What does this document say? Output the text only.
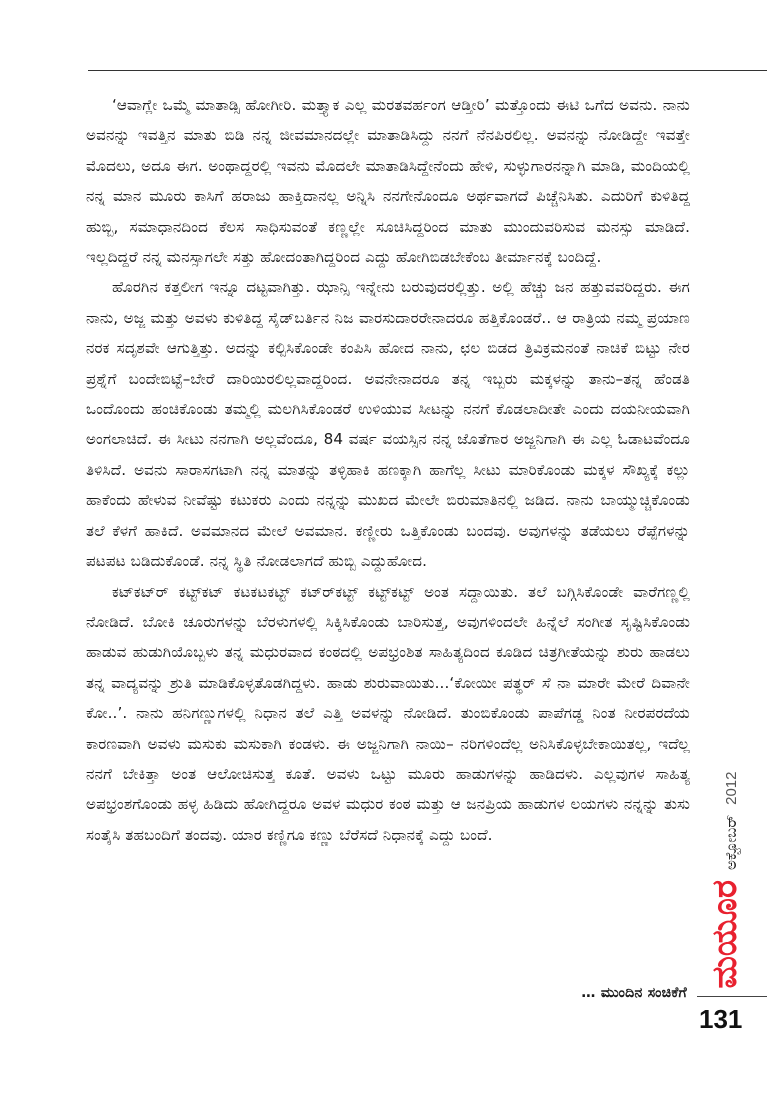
‘ಆವಾಗ್ಲೇ ಒಮ್ಮೆ ಮಾತಾಡ್ಸಿ ಹೋಗೀರಿ. ಮತ್ತ್ಯಾಕ ಎಲ್ಲ ಮರತವರ್ಹಂಗ ಆಡ್ತೀರಿ’ ಮತ್ತೊಂದು ಈಟಿ ಒಗೆದ ಅವನು. ನಾನು ಅವನನ್ನು ಇವತ್ತಿನ ಮಾತು ಬಿಡಿ ನನ್ನ ಜೀವಮಾನದಲ್ಲೇ ಮಾತಾಡಿಸಿದ್ದು ನನಗೆ ನೆನಪಿರಲಿಲ್ಲ. ಅವನನ್ನು ನೋಡಿದ್ದೇ ಇವತ್ತೇ ಮೊದಲು, ಅದೂ ಈಗ. ಅಂಥಾದ್ದರಲ್ಲಿ ಇವನು ಮೊದಲೇ ಮಾತಾಡಿಸಿದ್ದೇನೆಂದು ಹೇಳಿ, ಸುಳ್ಳುಗಾರನನ್ನಾಗಿ ಮಾಡಿ, ಮಂದಿಯಲ್ಲಿ ನನ್ನ ಮಾನ ಮೂರು ಕಾಸಿಗೆ ಹರಾಜು ಹಾಕ್ತಿದಾನಲ್ಲ ಅನ್ನಿಸಿ ನನಗೇನೊಂದೂ ಅರ್ಥವಾಗದೆ ಪಿಚ್ಚೆನಿಸಿತು. ಎದುರಿಗೆ ಕುಳಿತಿದ್ದ ಹುಬ್ಬಿ, ಸಮಾಧಾನದಿಂದ ಕೆಲಸ ಸಾಧಿಸುವಂತೆ ಕಣ್ಣಲ್ಲೇ ಸೂಚಿಸಿದ್ದರಿಂದ ಮಾತು ಮುಂದುವರಿಸುವ ಮನಸ್ಸು ಮಾಡಿದೆ. ಇಲ್ಲದಿದ್ದರೆ ನನ್ನ ಮನಸ್ಸಾಗಲೇ ಸತ್ತು ಹೋದಂತಾಗಿದ್ದರಿಂದ ಎದ್ದು ಹೋಗಿಬಿಡಬೇಕೆಂಬ ತೀರ್ಮಾನಕ್ಕೆ ಬಂದಿದ್ದೆ.

ಹೊರಗಿನ ಕತ್ತಲೀಗ ಇನ್ನೂ ದಟ್ಟವಾಗಿತ್ತು. ಝಾನ್ಸಿ ಇನ್ನೇನು ಬರುವುದರಲ್ಲಿತ್ತು. ಅಲ್ಲಿ ಹೆಚ್ಚು ಜನ ಹತ್ತುವವರಿದ್ದರು. ಈಗ ನಾನು, ಅಜ್ಜ ಮತ್ತು ಅವಳು ಕುಳಿತಿದ್ದ ಸೈಡ್‌ಬರ್ತಿನ ನಿಜ ವಾರಸುದಾರರೇನಾದರೂ ಹತ್ತಿಕೊಂಡರೆ.. ಆ ರಾತ್ರಿಯ ನಮ್ಮ ಪ್ರಯಾಣ ನರಕ ಸದೃಶವೇ ಆಗುತ್ತಿತ್ತು. ಅದನ್ನು ಕಲ್ಪಿಸಿಕೊಂಡೇ ಕಂಪಿಸಿ ಹೋದ ನಾನು, ಛಲ ಬಿಡದ ತ್ರಿವಿಕ್ರಮನಂತೆ ನಾಚಿಕೆ ಬಿಟ್ಟು ನೇರ ಪ್ರಶ್ನೆಗೆ ಬಂದೇಬಿಟ್ಟೆ–ಬೇರೆ ದಾರಿಯಿರಲಿಲ್ಲವಾದ್ದರಿಂದ. ಅವನೇನಾದರೂ ತನ್ನ ಇಬ್ಬರು ಮಕ್ಕಳನ್ನು ತಾನು–ತನ್ನ ಹೆಂಡತಿ ಒಂದೊಂದು ಹಂಚಿಕೊಂಡು ತಮ್ಮಲ್ಲಿ ಮಲಗಿಸಿಕೊಂಡರೆ ಉಳಿಯುವ ಸೀಟನ್ನು ನನಗೆ ಕೊಡಲಾದೀತೇ ಎಂದು ದಯನೀಯವಾಗಿ ಅಂಗಲಾಚಿದೆ. ಈ ಸೀಟು ನನಗಾಗಿ ಅಲ್ಲವೆಂದೂ, 84 ವರ್ಷ ವಯಸ್ಸಿನ ನನ್ನ ಜೊತೆಗಾರ ಅಜ್ಜನಿಗಾಗಿ ಈ ಎಲ್ಲ ಓಡಾಟವೆಂದೂ ತಿಳಿಸಿದೆ. ಅವನು ಸಾರಾಸಗಟಾಗಿ ನನ್ನ ಮಾತನ್ನು ತಳ್ಳಿಹಾಕಿ ಹಣಕ್ಕಾಗಿ ಹಾಗೆಲ್ಲ ಸೀಟು ಮಾರಿಕೊಂಡು ಮಕ್ಕಳ ಸೌಖ್ಯಕ್ಕೆ ಕಲ್ಲು ಹಾಕೆಂದು ಹೇಳುವ ನೀವೆಷ್ಟು ಕಟುಕರು ಎಂದು ನನ್ನನ್ನು ಮುಖದ ಮೇಲೇ ಬಿರುಮಾತಿನಲ್ಲಿ ಜಡಿದ. ನಾನು ಬಾಯ್ಮುಚ್ಚಿಕೊಂಡು ತಲೆ ಕೆಳಗೆ ಹಾಕಿದೆ. ಅವಮಾನದ ಮೇಲೆ ಅವಮಾನ. ಕಣ್ಣೀರು ಒತ್ತಿಕೊಂಡು ಬಂದವು. ಅವುಗಳನ್ನು ತಡೆಯಲು ರೆಪ್ಪೆಗಳನ್ನು ಪಟಪಟ ಬಡಿದುಕೊಂಡೆ. ನನ್ನ ಸ್ಥಿತಿ ನೋಡಲಾಗದೆ ಹುಬ್ಬಿ ಎದ್ದುಹೋದ.

ಕಟ್‌ಕಟ್‌ರ್ ಕಟ್ಟ್‌ಕಟ್ ಕಟಕಟಕಟ್ಟ್ ಕಟ್‌ರ್‌ಕಟ್ಟ್ ಕಟ್ಟ್‌ಕಟ್ಟ್ ಅಂತ ಸದ್ದಾಯಿತು. ತಲೆ ಬಗ್ಗಿಸಿಕೊಂಡೇ ವಾರೆಗಣ್ಣಲ್ಲಿ ನೋಡಿದೆ. ಬೋಕಿ ಚೂರುಗಳನ್ನು ಬೆರಳುಗಳಲ್ಲಿ ಸಿಕ್ಕಿಸಿಕೊಂಡು ಬಾರಿಸುತ್ತ, ಅವುಗಳಿಂದಲೇ ಹಿನ್ನೆಲೆ ಸಂಗೀತ ಸೃಷ್ಟಿಸಿಕೊಂಡು ಹಾಡುವ ಹುಡುಗಿಯೊಬ್ಬಳು ತನ್ನ ಮಧುರವಾದ ಕಂಠದಲ್ಲಿ ಅಪಭ್ರಂಶಿತ ಸಾಹಿತ್ಯದಿಂದ ಕೂಡಿದ ಚಿತ್ರಗೀತೆಯನ್ನು ಶುರು ಹಾಡಲು ತನ್ನ ವಾದ್ಯವನ್ನು ಶ್ರುತಿ ಮಾಡಿಕೊಳ್ಳತೊಡಗಿದ್ದಳು. ಹಾಡು ಶುರುವಾಯಿತು...‘ಕೋಯೀ ಪತ್ಥರ್ ಸೆ ನಾ ಮಾರೇ ಮೇರೆ ದಿವಾನೇ ಕೋ..’. ನಾನು ಹನಿಗಣ್ಣುಗಳಲ್ಲಿ ನಿಧಾನ ತಲೆ ಎತ್ತಿ ಅವಳನ್ನು ನೋಡಿದೆ. ತುಂಬಿಕೊಂಡು ಪಾಪೆಗಡ್ಡ ನಿಂತ ನೀರಪರದೆಯ ಕಾರಣವಾಗಿ ಅವಳು ಮಸುಕು ಮಸುಕಾಗಿ ಕಂಡಳು. ಈ ಅಜ್ಜನಿಗಾಗಿ ನಾಯಿ– ನರಿಗಳಿಂದೆಲ್ಲ ಅನಿಸಿಕೊಳ್ಳಬೇಕಾಯಿತಲ್ಲ, ಇದೆಲ್ಲ ನನಗೆ ಬೇಕಿತ್ತಾ ಅಂತ ಆಲೋಚಿಸುತ್ತ ಕೂತೆ. ಅವಳು ಒಟ್ಟು ಮೂರು ಹಾಡುಗಳನ್ನು ಹಾಡಿದಳು. ಎಲ್ಲವುಗಳ ಸಾಹಿತ್ಯ ಅಪಭ್ರಂಶಗೊಂಡು ಹಳ್ಳ ಹಿಡಿದು ಹೋಗಿದ್ದರೂ ಅವಳ ಮಧುರ ಕಂಠ ಮತ್ತು ಆ ಜನಪ್ರಿಯ ಹಾಡುಗಳ ಲಯಗಳು ನನ್ನನ್ನು ತುಸು ಸಂತೈಸಿ ತಹಬಂದಿಗೆ ತಂದವು. ಯಾರ ಕಣ್ಣಿಗೂ ಕಣ್ಣು ಬೆರೆಸದೆ ನಿಧಾನಕ್ಕೆ ಎದ್ದು ಬಂದೆ.

… ಮುಂದಿನ ಸಂಚಿಕೆಗೆ
ಮಯೂರ
ಅಕ್ಟೋಬರ್
2012
131
